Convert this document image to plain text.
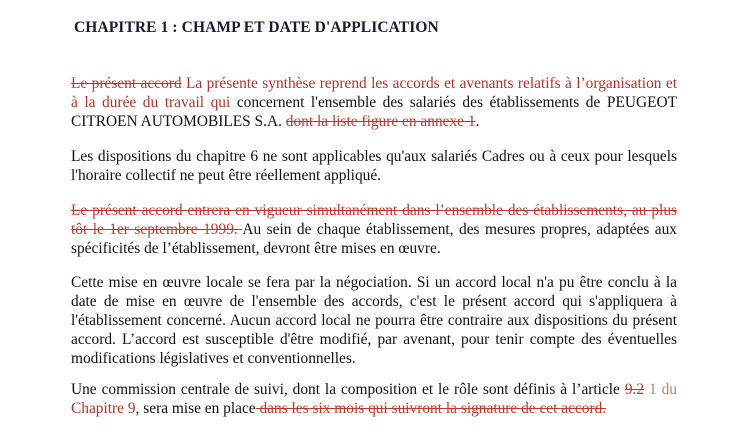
CHAPITRE 1 : CHAMP ET DATE D'APPLICATION

Le présent accord La présente synthèse reprend les accords et avenants relatifs à l’organisation et à la durée du travail qui concernent l'ensemble des salariés des établissements de PEUGEOT CITROEN AUTOMOBILES S.A. dont la liste figure en annexe 1.

Les dispositions du chapitre 6 ne sont applicables qu'aux salariés Cadres ou à ceux pour lesquels l'horaire collectif ne peut être réellement appliqué.

Le présent accord entrera en vigueur simultanément dans l’ensemble des établissements, au plus tôt le 1er septembre 1999. Au sein de chaque établissement, des mesures propres, adaptées aux spécificités de l’établissement, devront être mises en œuvre.

Cette mise en œuvre locale se fera par la négociation. Si un accord local n'a pu être conclu à la date de mise en œuvre de l'ensemble des accords, c'est le présent accord qui s'appliquera à l'établissement concerné. Aucun accord local ne pourra être contraire aux dispositions du présent accord. L’accord est susceptible d'être modifié, par avenant, pour tenir compte des éventuelles modifications législatives et conventionnelles.

Une commission centrale de suivi, dont la composition et le rôle sont définis à l’article 9.2 1 du Chapitre 9, sera mise en place dans les six mois qui suivront la signature de cet accord.
